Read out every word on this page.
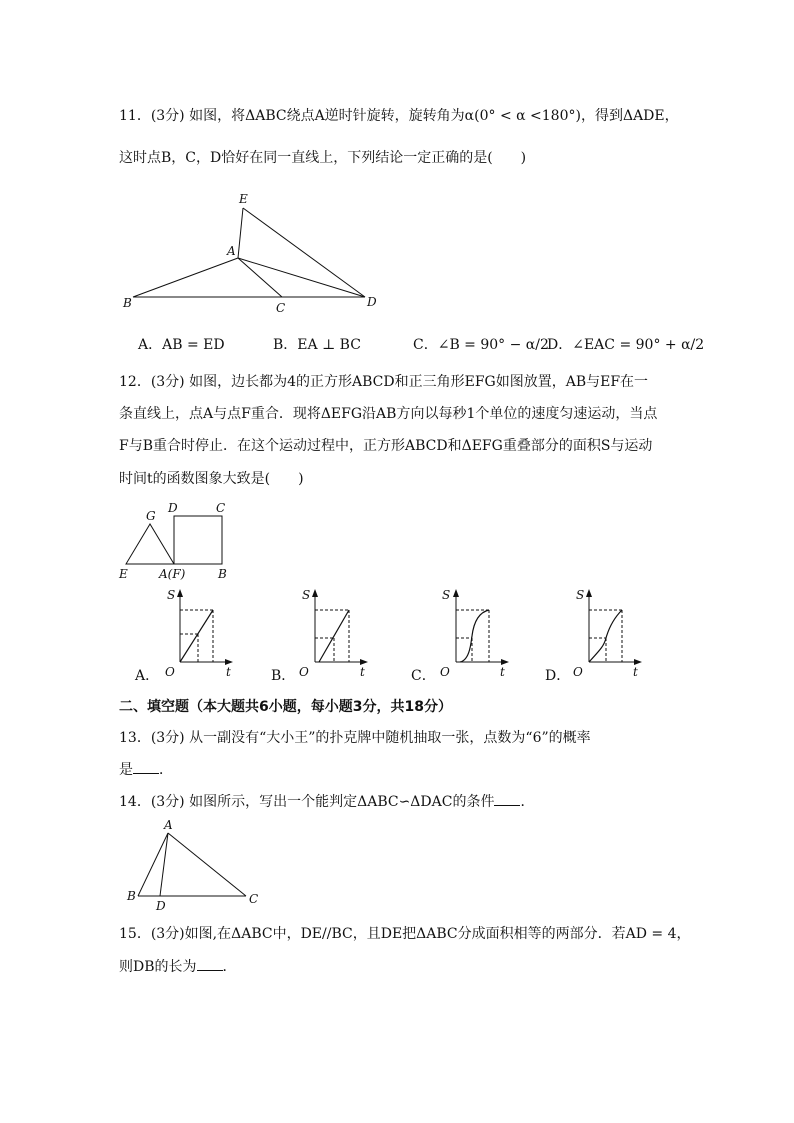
11．(3分) 如图，将ΔABC绕点A逆时针旋转，旋转角为α(0° < α <180°)，得到ΔADE，
这时点B，C，D恰好在同一直线上，下列结论一定正确的是(　　)
E
A
B	C	D
A．AB = ED	B．EA ⊥ BC	C．∠B = 90° − α/2
D．∠EAC = 90° + α/2
12．(3分) 如图，边长都为4的正方形ABCD和正三角形EFG如图放置，AB与EF在一
条直线上，点A与点F重合．现将ΔEFG沿AB方向以每秒1个单位的速度匀速运动，当点
F与B重合时停止．在这个运动过程中，正方形ABCD和ΔEFG重叠部分的面积S与运动
时间t的函数图象大致是(　　)
G
D	C
E	A(F)	B
S
O	t
S
O	t
S
O	t
S
O	t
A．	B．	C．	D．
二、填空题（本大题共6小题，每小题3分，共18分）
13．(3分) 从一副没有“大小王”的扑克牌中随机抽取一张，点数为“6”的概率
是 ．
14．(3分) 如图所示，写出一个能判定ΔABC∽ΔDAC的条件 ．
A
B
D	C
15．(3分)如图,在ΔABC中，DE//BC，且DE把ΔABC分成面积相等的两部分．若AD = 4，
则DB的长为 ．
